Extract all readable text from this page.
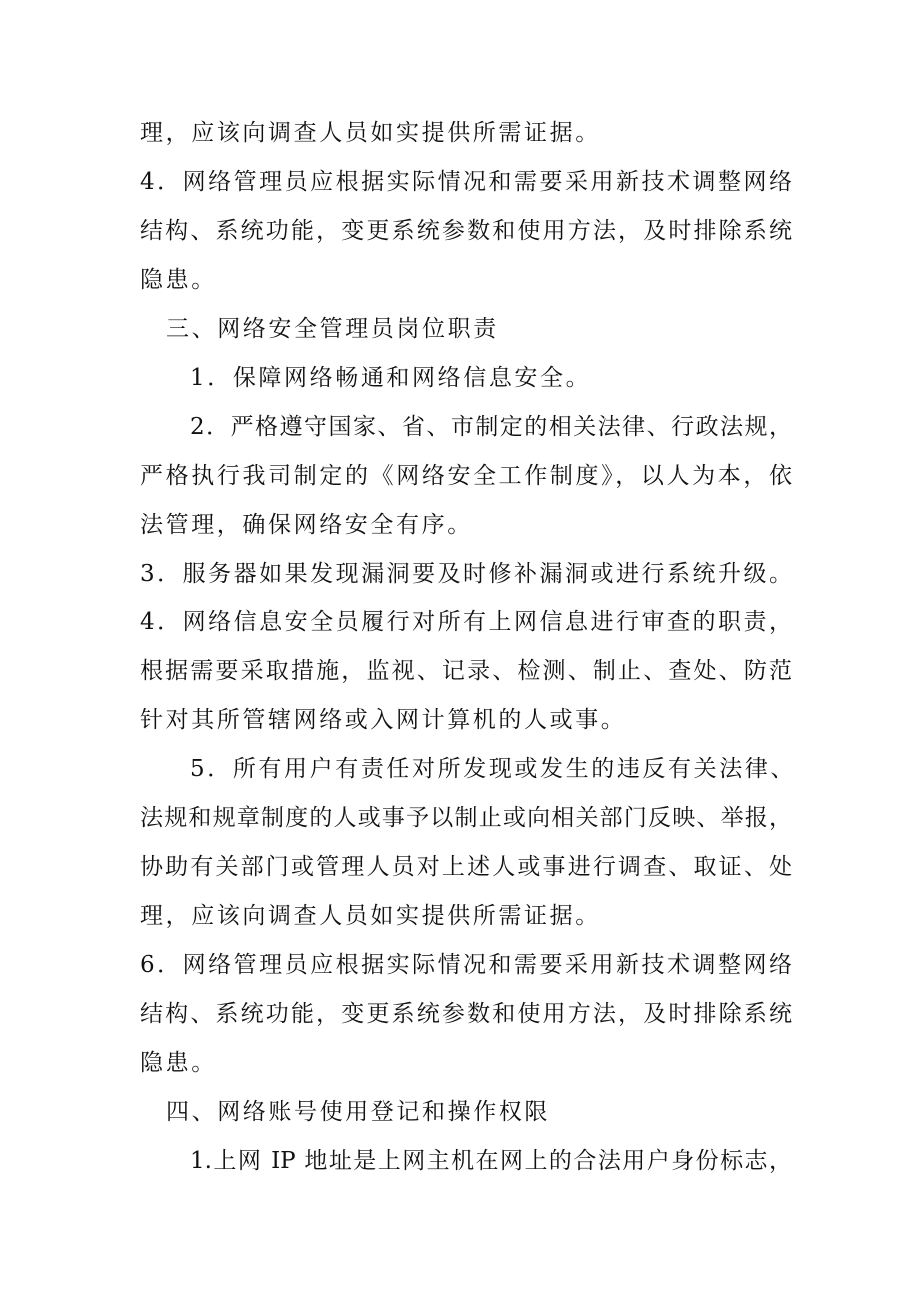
理，应该向调查人员如实提供所需证据。
4．网络管理员应根据实际情况和需要采用新技术调整网络
结构、系统功能，变更系统参数和使用方法，及时排除系统
隐患。
三、网络安全管理员岗位职责
1．保障网络畅通和网络信息安全。
2．严格遵守国家、省、市制定的相关法律、行政法规，
严格执行我司制定的《网络安全工作制度》，以人为本，依
法管理，确保网络安全有序。
3．服务器如果发现漏洞要及时修补漏洞或进行系统升级。
4．网络信息安全员履行对所有上网信息进行审查的职责，
根据需要采取措施，监视、记录、检测、制止、查处、防范
针对其所管辖网络或入网计算机的人或事。
5．所有用户有责任对所发现或发生的违反有关法律、
法规和规章制度的人或事予以制止或向相关部门反映、举报，
协助有关部门或管理人员对上述人或事进行调查、取证、处
理，应该向调查人员如实提供所需证据。
6．网络管理员应根据实际情况和需要采用新技术调整网络
结构、系统功能，变更系统参数和使用方法，及时排除系统
隐患。
四、网络账号使用登记和操作权限
1.上网 IP 地址是上网主机在网上的合法用户身份标志，
